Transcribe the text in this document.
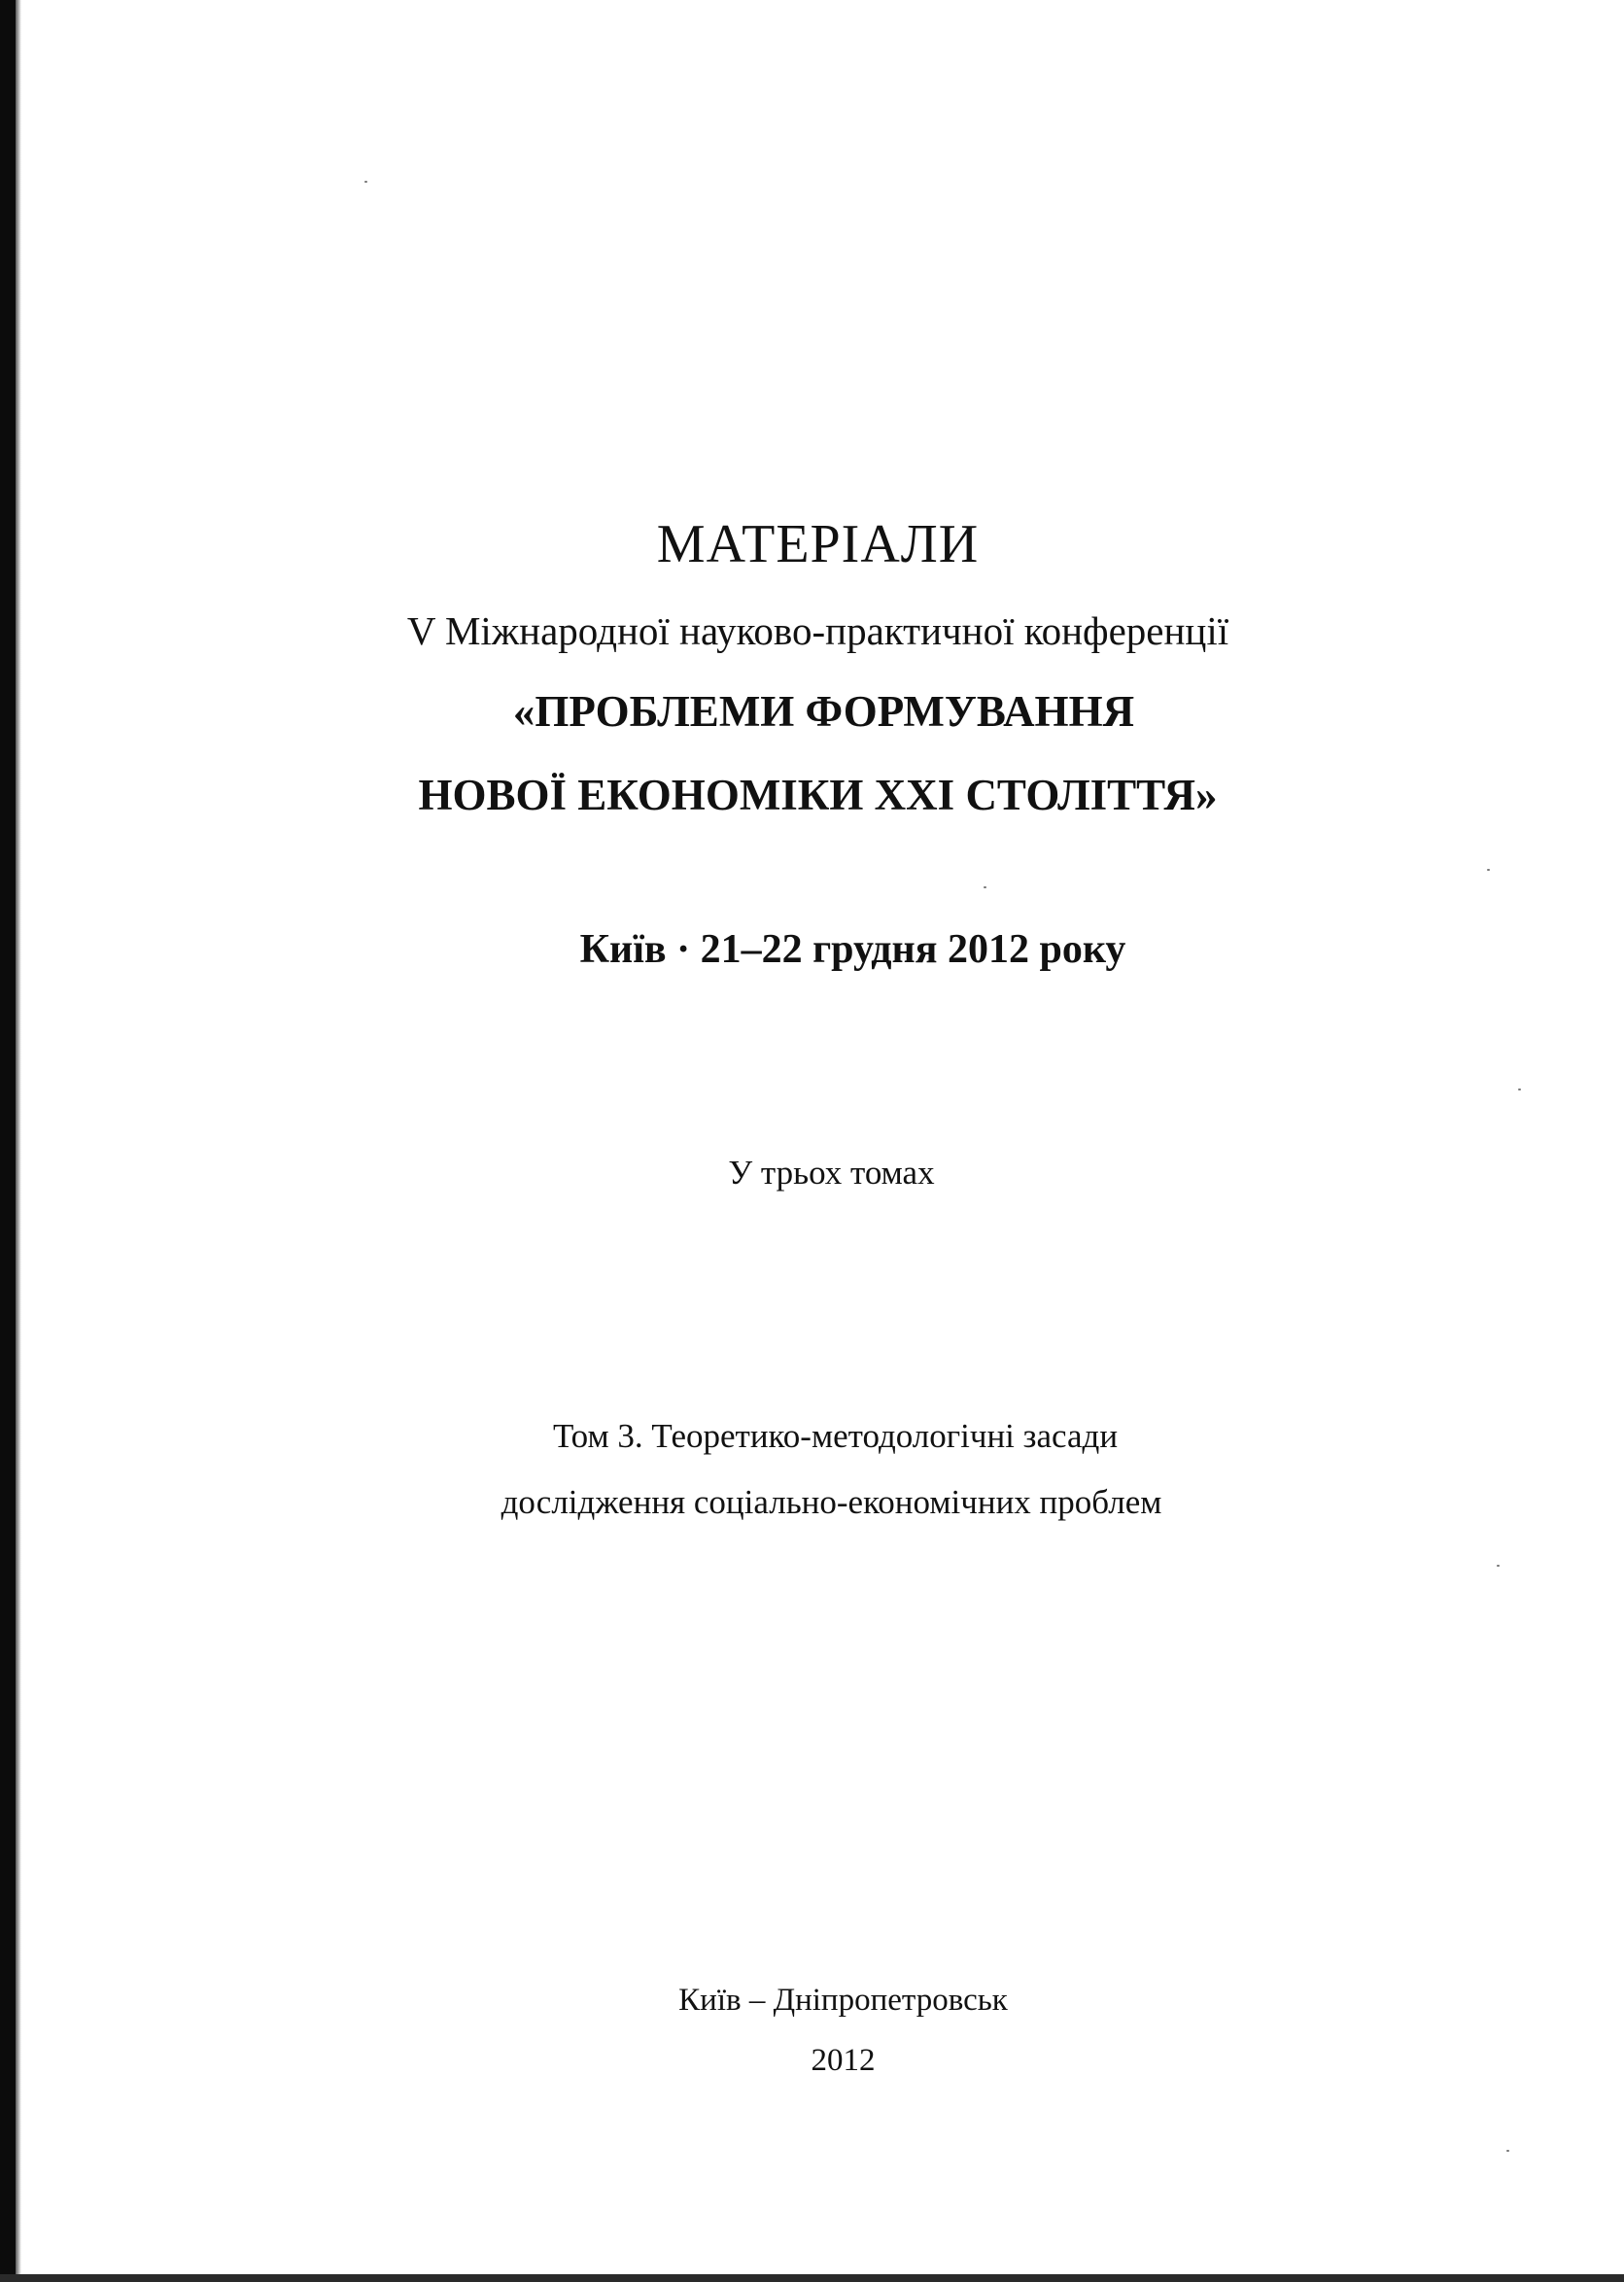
МАТЕРІАЛИ
V Міжнародної науково-практичної конференції
«ПРОБЛЕМИ ФОРМУВАННЯ
НОВОЇ ЕКОНОМІКИ XXI СТОЛІТТЯ»
Київ · 21–22 грудня 2012 року
У трьох томах
Том 3. Теоретико-методологічні засади
дослідження соціально-економічних проблем
Київ – Дніпропетровськ
2012
